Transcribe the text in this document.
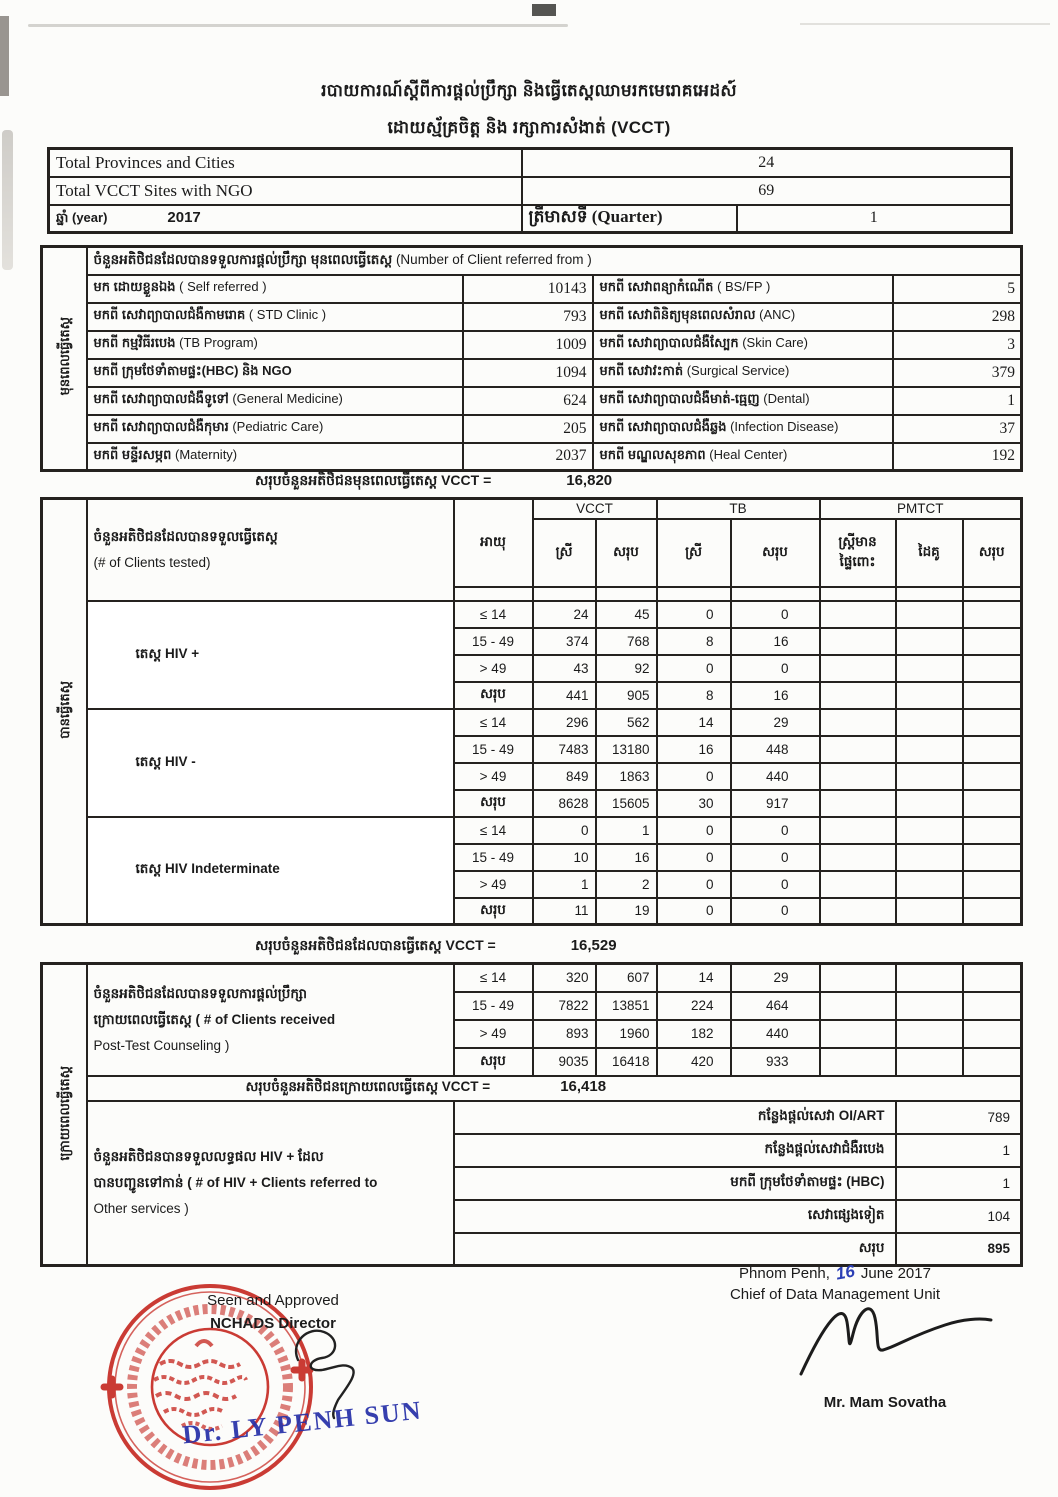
របាយការណ៍ស្តីពីការផ្តល់ប្រឹក្សា និងធ្វើតេស្តឈាមរកមេរោគអេដស៍
ដោយស្ម័គ្រចិត្ត និង រក្សាការសំងាត់ (VCCT)
Total Provinces and Cities	24	
Total VCCT Sites with NGO	69	
ឆ្នាំ (year) 2017	ត្រីមាសទី (Quarter)	1
មុនពេលធ្វើតេស្ត	ចំនួនអតិថិជនដែលបានទទួលការផ្តល់ប្រឹក្សា មុនពេលធ្វើតេស្ត (Number of Client referred from )			
	មក ដោយខ្លួនឯង ( Self referred )	10143	មកពី សេវាពន្យាកំណើត ( BS/FP )	5
	មកពី សេវាព្យាបាលជំងឺកាមរោគ ( STD Clinic )	793	មកពី សេវាពិនិត្យមុនពេលសំរាល (ANC)	298
	មកពី កម្មវិធីរបេង (TB Program)	1009	មកពី សេវាព្យាបាលជំងឺស្បែក (Skin Care)	3
	មកពី ក្រុមថែទាំតាមផ្ទះ(HBC) និង NGO	1094	មកពី សេវាវះកាត់ (Surgical Service)	379
	មកពី សេវាព្យាបាលជំងឺទូទៅ (General Medicine)	624	មកពី សេវាព្យាបាលជំងឺមាត់-ធ្មេញ (Dental)	1
	មកពី សេវាព្យាបាលជំងឺកុមារ (Pediatric Care)	205	មកពី សេវាព្យាបាលជំងឺឆ្លង (Infection Disease)	37
	មកពី មន្ទីរសម្ភព (Maternity)	2037	មកពី មណ្ឌលសុខភាព (Heal Center)	192
សរុបចំនួនអតិថិជនមុនពេលធ្វើតេស្ត VCCT =	16,820
បានធ្វើតេស្ត	ចំនួនអតិថិជនដែលបានទទួលធ្វើតេស្ត
(# of Clients tested)	អាយុ	VCCT		TB		PMTCT		
			ស្រី	សរុប	ស្រី	សរុប	ស្ត្រីមាន
ផ្ទៃពោះ	ដៃគូ	សរុប

	តេស្ត HIV +	≤ 14	24	45	0	0			
		15 - 49	374	768	8	16			
		> 49	43	92	0	0			
		សរុប	441	905	8	16			
	តេស្ត HIV -	≤ 14	296	562	14	29			
		15 - 49	7483	13180	16	448			
		> 49	849	1863	0	440			
		សរុប	8628	15605	30	917			
	តេស្ត HIV Indeterminate	≤ 14	0	1	0	0			
		15 - 49	10	16	0	0			
		> 49	1	2	0	0			
		សរុប	11	19	0	0			
សរុបចំនួនអតិថិជនដែលបានធ្វើតេស្ត VCCT =	16,529
ក្រោយពេលធ្វើតេស្ត	ចំនួនអតិថិជនដែលបានទទួលការផ្តល់ប្រឹក្សា
ក្រោយពេលធ្វើតេស្ត ( # of Clients received
Post-Test Counseling )	≤ 14	320	607	14	29			
		15 - 49	7822	13851	224	464			
		> 49	893	1960	182	440			
		សរុប	9035	16418	420	933			
	សរុបចំនួនអតិថិជនក្រោយពេលធ្វើតេស្ត VCCT = 16,418								
	ចំនួនអតិថិជនបានទទួលលទ្ធផល HIV + ដែល
បានបញ្ជូនទៅកាន់ ( # of HIV + Clients referred to
Other services )	កន្លែងផ្តល់សេវា OI/ART						789	
		កន្លែងផ្តល់សេវាជំងឺរបេង						1	
		មកពី ក្រុមថែទាំតាមផ្ទះ (HBC)						1	
		សេវាផ្សេងទៀត						104	
		សរុប						895	
Phnom Penh, 16 June 2017
Chief of Data Management Unit
Mr. Mam Sovatha
Seen and Approved
NCHADS Director
Dr. LY PENH SUN
